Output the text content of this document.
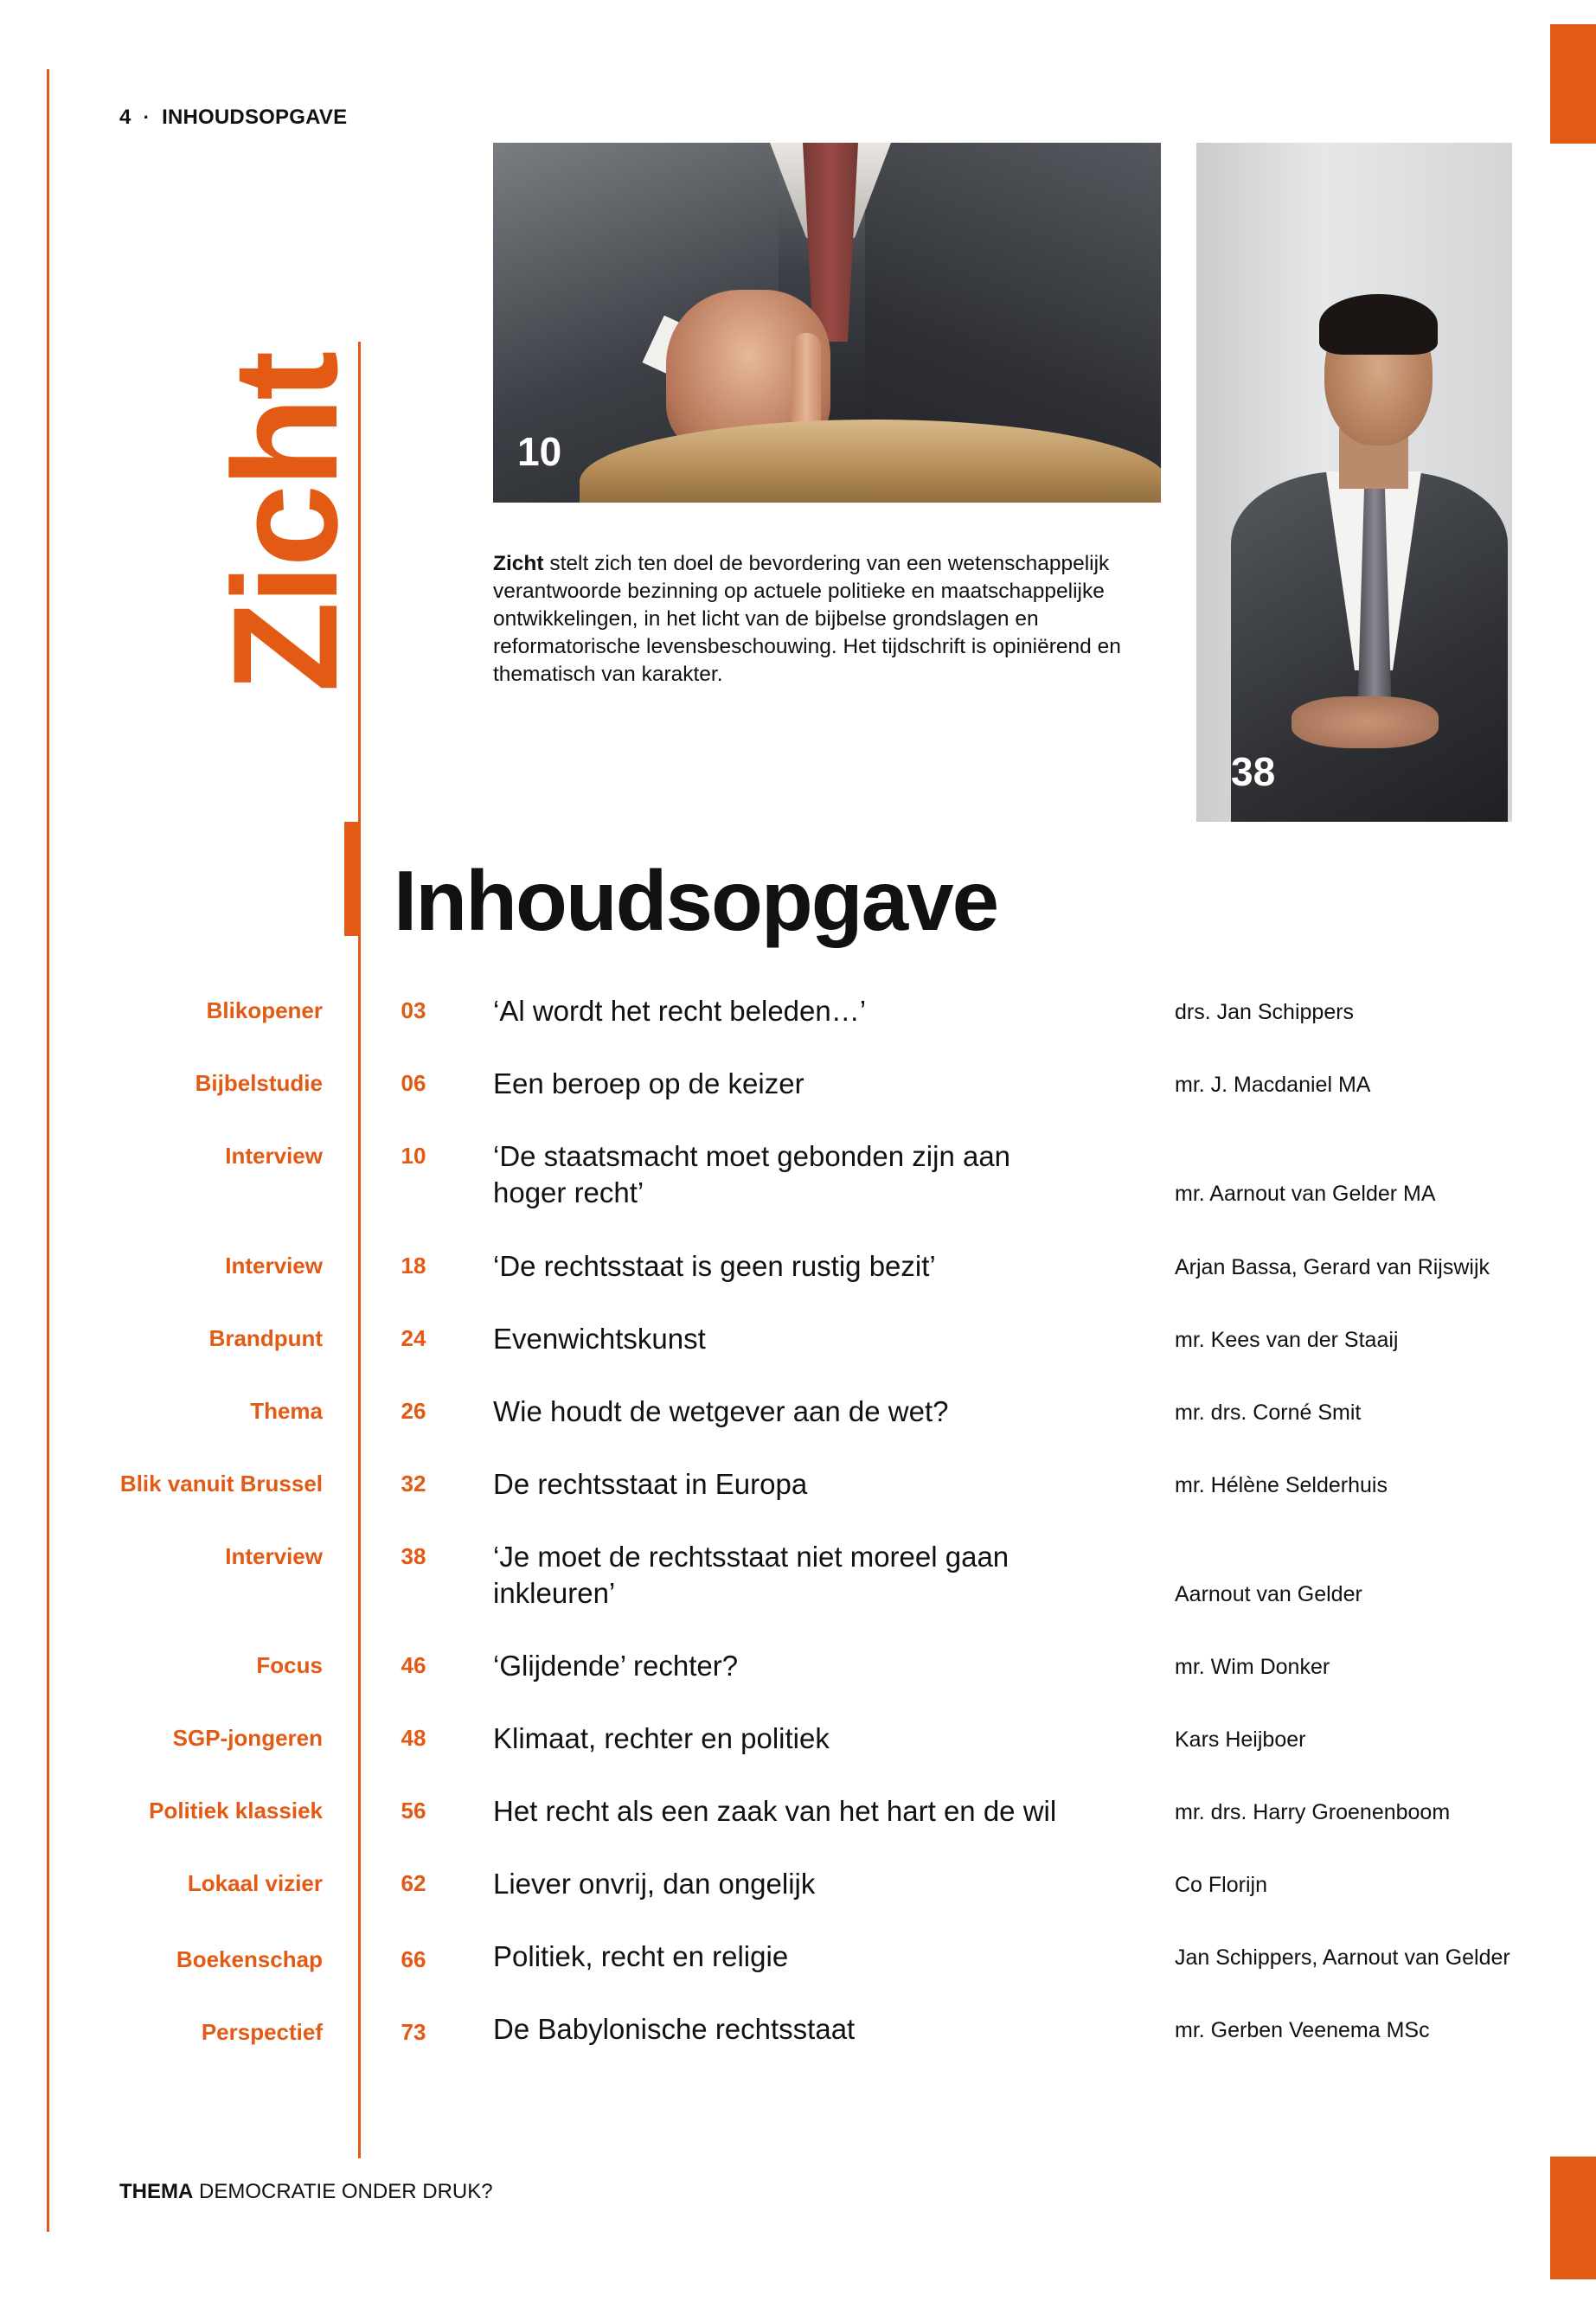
4 · INHOUDSOPGAVE
Zicht	10
38
Zicht stelt zich ten doel de bevordering van een wetenschappelijk verantwoorde bezinning op actuele politieke en maatschappelijke ontwikkelingen, in het licht van de bijbelse grondslagen en reformatorische levensbeschouwing. Het tijdschrift is opiniërend en thematisch van karakter.
Inhoudsopgave
Blikopener	03	‘Al wordt het recht beleden…’	drs. Jan Schippers
Bijbelstudie	06	Een beroep op de keizer	mr. J. Macdaniel MA
Interview	10	‘De staatsmacht moet gebonden zijn aan hoger recht’	mr. Aarnout van Gelder MA
Interview	18	‘De rechtsstaat is geen rustig bezit’	Arjan Bassa, Gerard van Rijswijk
Brandpunt	24	Evenwichtskunst	mr. Kees van der Staaij
Thema	26	Wie houdt de wetgever aan de wet?	mr. drs. Corné Smit
Blik vanuit Brussel	32	De rechtsstaat in Europa	mr. Hélène Selderhuis
Interview	38	‘Je moet de rechtsstaat niet moreel gaan inkleuren’	Aarnout van Gelder
Focus	46	‘Glijdende’ rechter?	mr. Wim Donker
SGP-jongeren	48	Klimaat, rechter en politiek	Kars Heijboer
Politiek klassiek	56	Het recht als een zaak van het hart en de wil	mr. drs. Harry Groenenboom
Lokaal vizier	62	Liever onvrij, dan ongelijk	Co Florijn
Boekenschap	66	Politiek, recht en religie	Jan Schippers, Aarnout van Gelder
Perspectief	73	De Babylonische rechtsstaat	mr. Gerben Veenema MSc
THEMA DEMOCRATIE ONDER DRUK?
